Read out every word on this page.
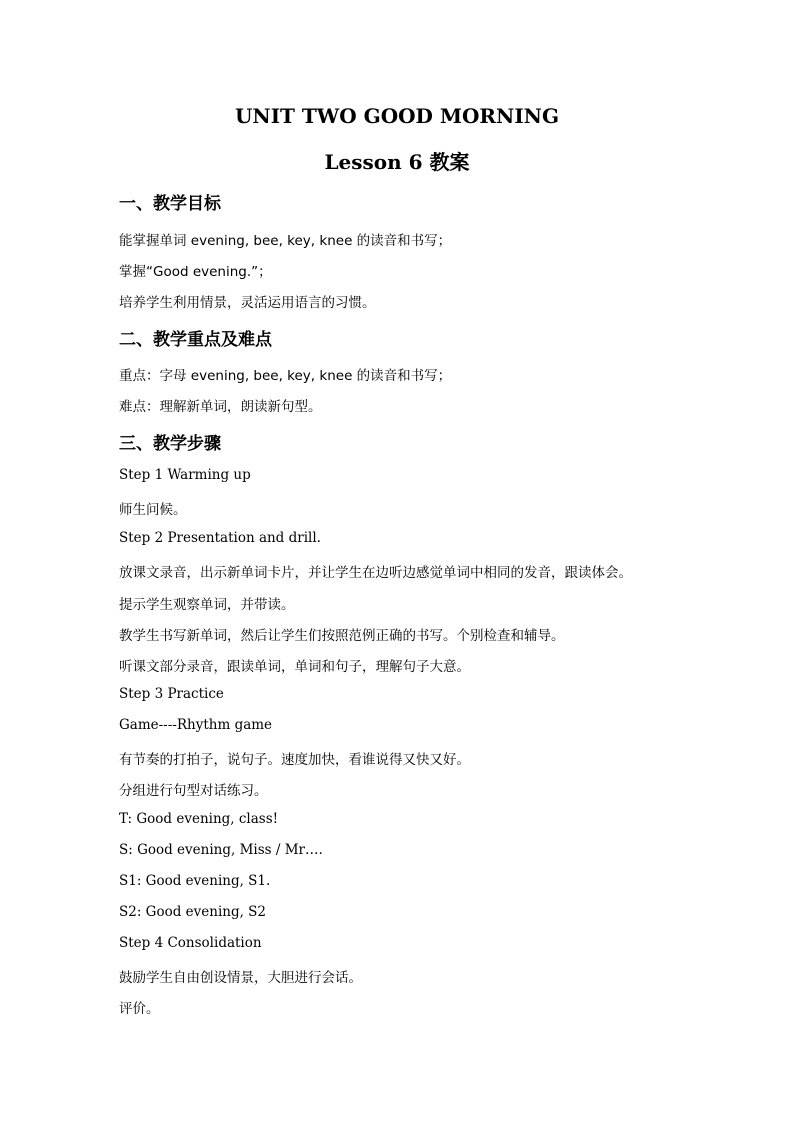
UNIT TWO GOOD MORNING
Lesson 6 教案
一、教学目标
能掌握单词 evening, bee, key, knee 的读音和书写；
掌握“Good evening.”；
培养学生利用情景，灵活运用语言的习惯。
二、教学重点及难点
重点：字母 evening, bee, key, knee 的读音和书写；
难点：理解新单词，朗读新句型。
三、教学步骤
Step 1 Warming up
师生问候。
Step 2 Presentation and drill.
放课文录音，出示新单词卡片，并让学生在边听边感觉单词中相同的发音，跟读体会。
提示学生观察单词，并带读。
教学生书写新单词，然后让学生们按照范例正确的书写。个别检查和辅导。
听课文部分录音，跟读单词，单词和句子，理解句子大意。
Step 3 Practice
Game----Rhythm game
有节奏的打拍子，说句子。速度加快，看谁说得又快又好。
分组进行句型对话练习。
T: Good evening, class!
S: Good evening, Miss / Mr….
S1: Good evening, S1.
S2: Good evening, S2
Step 4 Consolidation
鼓励学生自由创设情景，大胆进行会话。
评价。
